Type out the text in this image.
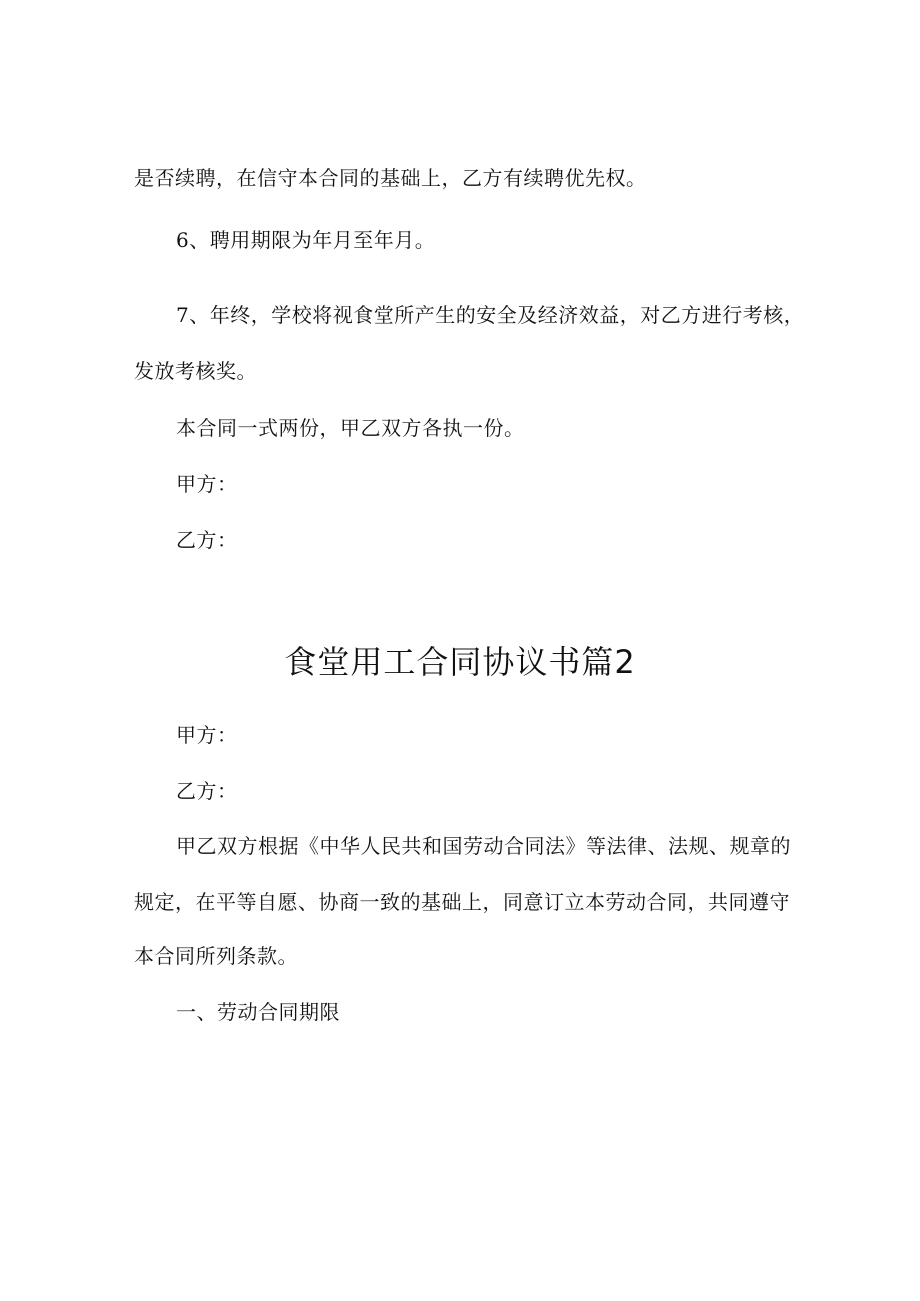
是否续聘，在信守本合同的基础上，乙方有续聘优先权。
6、聘用期限为年月至年月。
7、年终，学校将视食堂所产生的安全及经济效益，对乙方进行考核，
发放考核奖。
本合同一式两份，甲乙双方各执一份。
甲方：
乙方：
食堂用工合同协议书篇2
甲方：
乙方：
甲乙双方根据《中华人民共和国劳动合同法》等法律、法规、规章的
规定，在平等自愿、协商一致的基础上，同意订立本劳动合同，共同遵守
本合同所列条款。
一、劳动合同期限
